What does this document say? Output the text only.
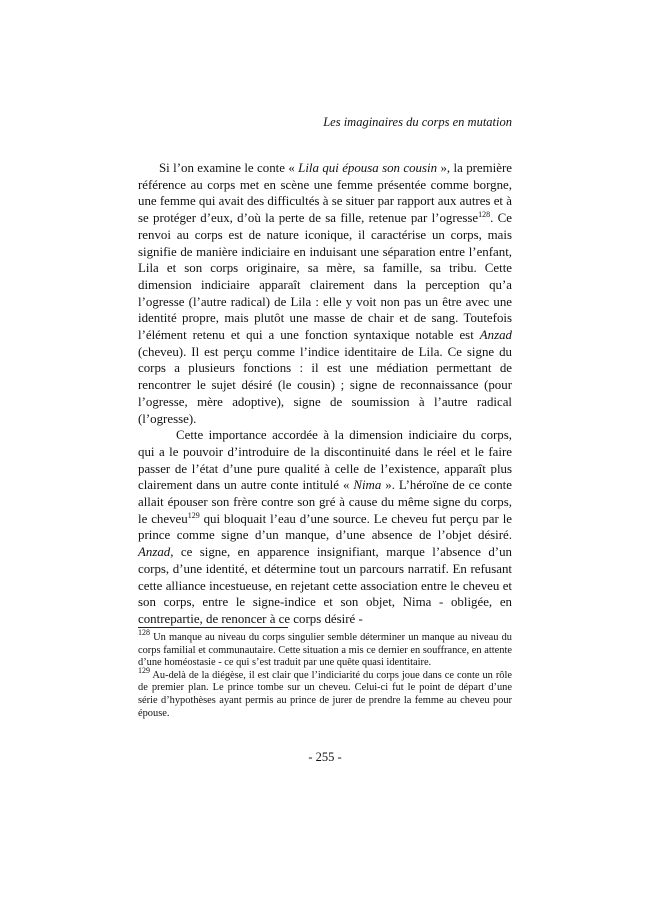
Les imaginaires du corps en mutation

Si l’on examine le conte « Lila qui épousa son cousin », la première référence au corps met en scène une femme présentée comme borgne, une femme qui avait des difficultés à se situer par rapport aux autres et à se protéger d’eux, d’où la perte de sa fille, retenue par l’ogresse$^{128}$. Ce renvoi au corps est de nature iconique, il caractérise un corps, mais signifie de manière indiciaire en induisant une séparation entre l’enfant, Lila et son corps originaire, sa mère, sa famille, sa tribu. Cette dimension indiciaire apparaît clairement dans la perception qu’a l’ogresse (l’autre radical) de Lila : elle y voit non pas un être avec une identité propre, mais plutôt une masse de chair et de sang. Toutefois l’élément retenu et qui a une fonction syntaxique notable est Anzad (cheveu). Il est perçu comme l’indice identitaire de Lila. Ce signe du corps a plusieurs fonctions : il est une médiation permettant de rencontrer le sujet désiré (le cousin) ; signe de reconnaissance (pour l’ogresse, mère adoptive), signe de soumission à l’autre radical (l’ogresse).

Cette importance accordée à la dimension indiciaire du corps, qui a le pouvoir d’introduire de la discontinuité dans le réel et le faire passer de l’état d’une pure qualité à celle de l’existence, apparaît plus clairement dans un autre conte intitulé « Nima ». L’héroïne de ce conte allait épouser son frère contre son gré à cause du même signe du corps, le cheveu$^{129}$ qui bloquait l’eau d’une source. Le cheveu fut perçu par le prince comme signe d’un manque, d’une absence de l’objet désiré. Anzad, ce signe, en apparence insignifiant, marque l’absence d’un corps, d’une identité, et détermine tout un parcours narratif. En refusant cette alliance incestueuse, en rejetant cette association entre le cheveu et son corps, entre le signe-indice et son objet, Nima - obligée, en contrepartie, de renoncer à ce corps désiré -

$^{128}$ Un manque au niveau du corps singulier semble déterminer un manque au niveau du corps familial et communautaire. Cette situation a mis ce dernier en souffrance, en attente d’une homéostasie - ce qui s’est traduit par une quête quasi identitaire.

$^{129}$ Au-delà de la diégèse, il est clair que l’indiciarité du corps joue dans ce conte un rôle de premier plan. Le prince tombe sur un cheveu. Celui-ci fut le point de départ d’une série d’hypothèses ayant permis au prince de jurer de prendre la femme au cheveu pour épouse.

- 255 -
